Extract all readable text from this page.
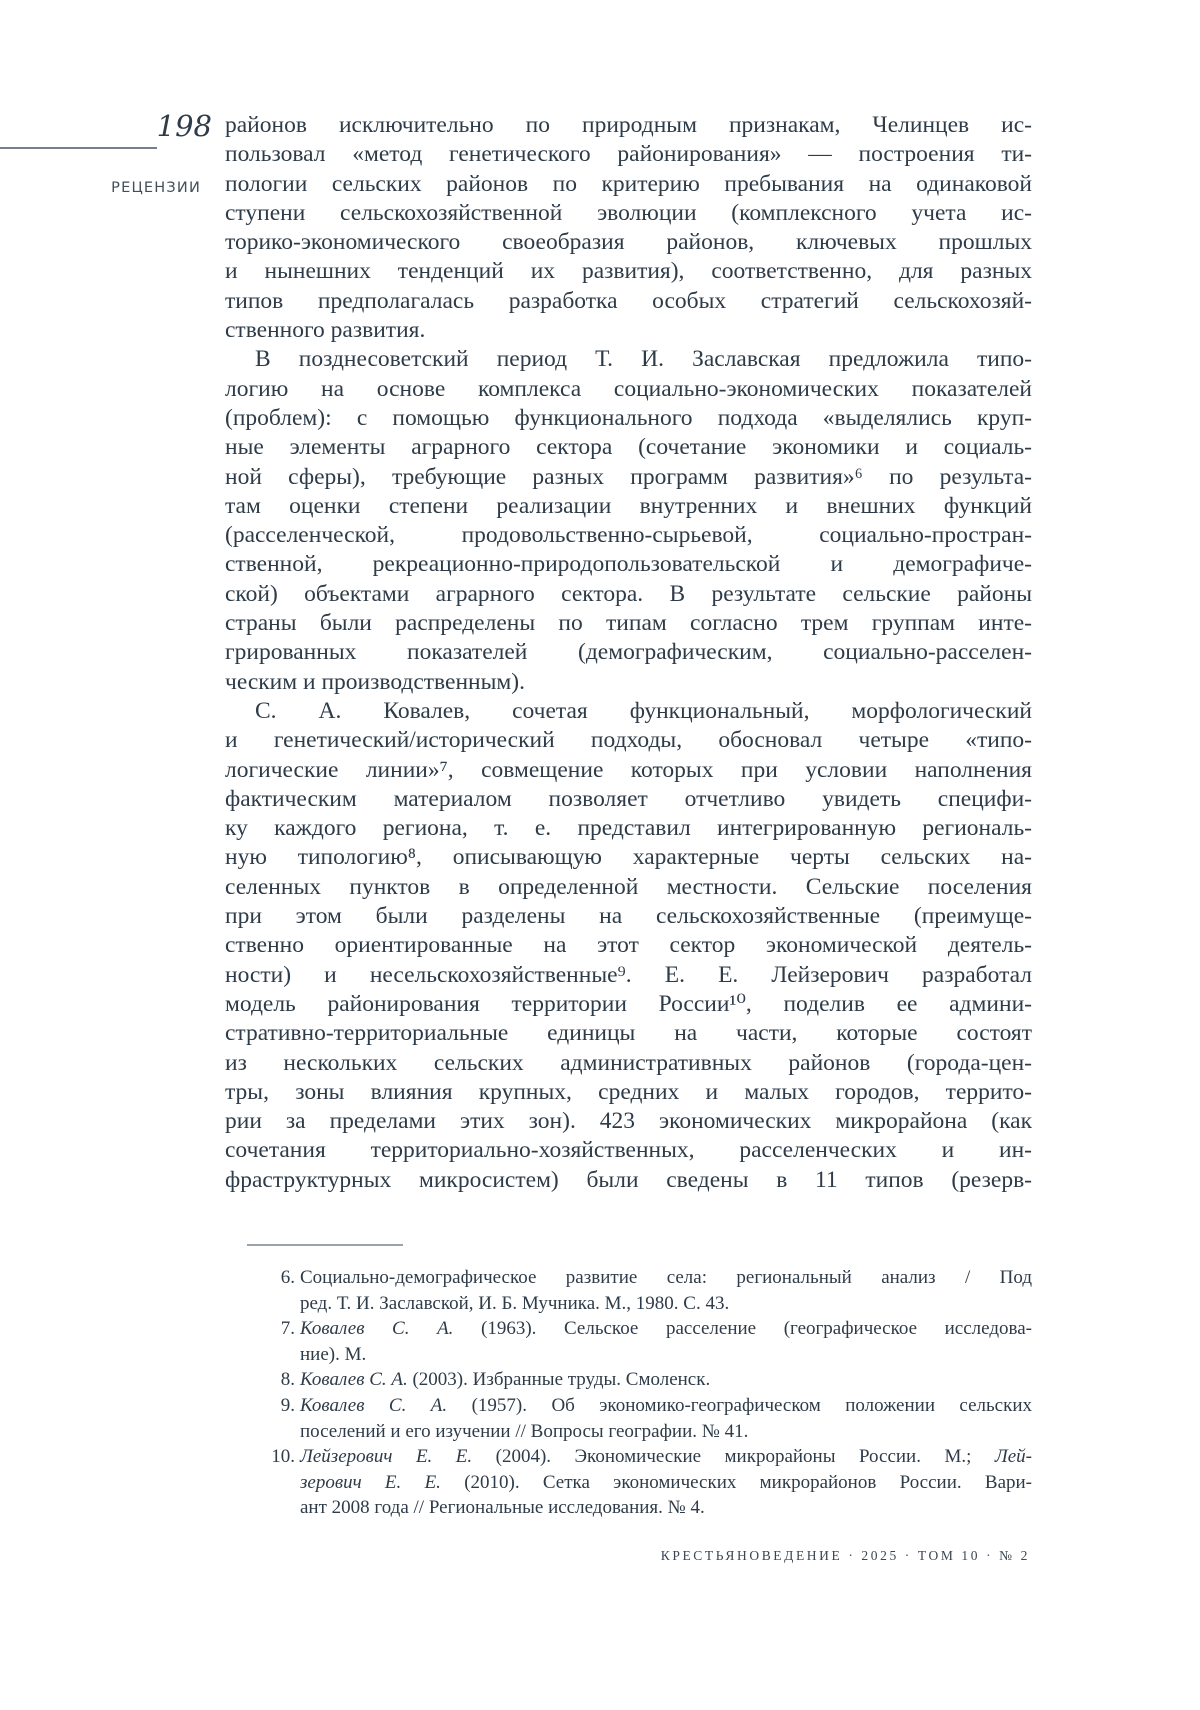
198
РЕЦЕНЗИИ
районов исключительно по природным признакам, Челинцев ис-
пользовал «метод генетического районирования» — построения ти-
пологии сельских районов по критерию пребывания на одинаковой
ступени сельскохозяйственной эволюции (комплексного учета ис-
торико-экономического своеобразия районов, ключевых прошлых
и нынешних тенденций их развития), соответственно, для разных
типов предполагалась разработка особых стратегий сельскохозяй-
ственного развития.
В позднесоветский период Т. И. Заславская предложила типо-
логию на основе комплекса социально-экономических показателей
(проблем): с помощью функционального подхода «выделялись круп-
ные элементы аграрного сектора (сочетание экономики и социаль-
ной сферы), требующие разных программ развития»⁶ по результа-
там оценки степени реализации внутренних и внешних функций
(расселенческой, продовольственно-сырьевой, социально-простран-
ственной, рекреационно-природопользовательской и демографиче-
ской) объектами аграрного сектора. В результате сельские районы
страны были распределены по типам согласно трем группам инте-
грированных показателей (демографическим, социально-расселен-
ческим и производственным).
С. А. Ковалев, сочетая функциональный, морфологический
и генетический/исторический подходы, обосновал четыре «типо-
логические линии»⁷, совмещение которых при условии наполнения
фактическим материалом позволяет отчетливо увидеть специфи-
ку каждого региона, т. е. представил интегрированную региональ-
ную типологию⁸, описывающую характерные черты сельских на-
селенных пунктов в определенной местности. Сельские поселения
при этом были разделены на сельскохозяйственные (преимуще-
ственно ориентированные на этот сектор экономической деятель-
ности) и несельскохозяйственные⁹. Е. Е. Лейзерович разработал
модель районирования территории России¹⁰, поделив ее админи-
стративно-территориальные единицы на части, которые состоят
из нескольких сельских административных районов (города-цен-
тры, зоны влияния крупных, средних и малых городов, террито-
рии за пределами этих зон). 423 экономических микрорайона (как
сочетания территориально-хозяйственных, расселенческих и ин-
фраструктурных микросистем) были сведены в 11 типов (резерв-
6. Социально-демографическое развитие села: региональный анализ / Под
ред. Т. И. Заславской, И. Б. Мучника. М., 1980. С. 43.
7. Ковалев С. А. (1963). Сельское расселение (географическое исследова-
ние). М.
8. Ковалев С. А. (2003). Избранные труды. Смоленск.
9. Ковалев С. А. (1957). Об экономико-географическом положении сельских
поселений и его изучении // Вопросы географии. № 41.
10. Лейзерович Е. Е. (2004). Экономические микрорайоны России. М.; Лей-
зерович Е. Е. (2010). Сетка экономических микрорайонов России. Вари-
ант 2008 года // Региональные исследования. № 4.
КРЕСТЬЯНОВЕДЕНИЕ · 2025 · ТОМ 10 · № 2
